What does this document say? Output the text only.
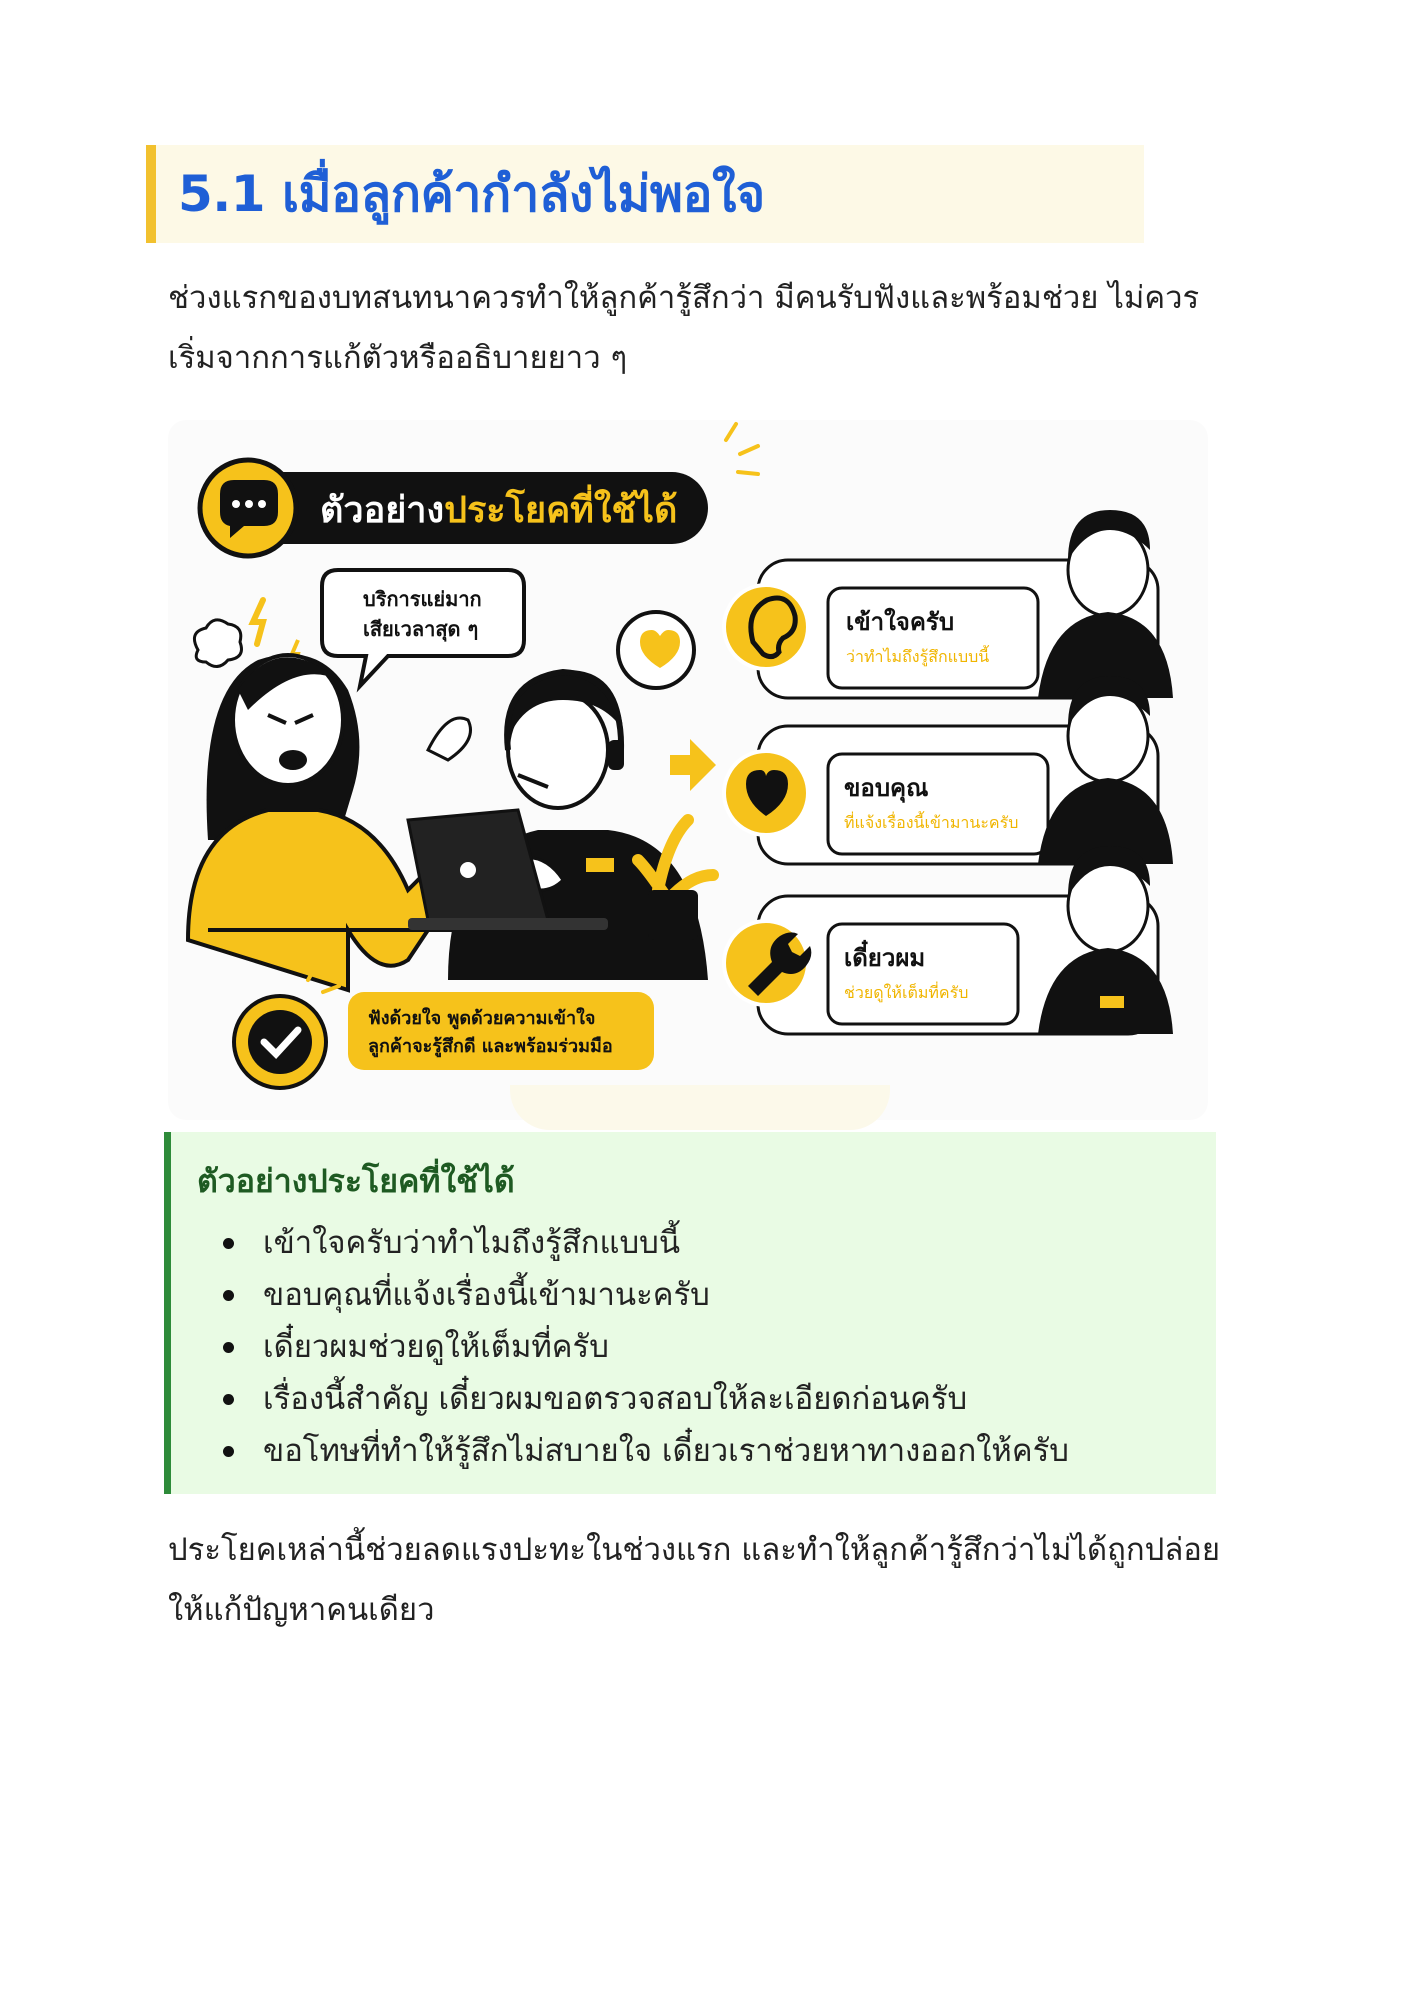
5.1 เมื่อลูกค้ากำลังไม่พอใจ

ช่วงแรกของบทสนทนาควรทำให้ลูกค้ารู้สึกว่า มีคนรับฟังและพร้อมช่วย ไม่ควรเริ่มจากการแก้ตัวหรืออธิบายยาว ๆ

ตัวอย่างประโยคที่ใช้ได้
บริการแย่มาก
เสียเวลาสุด ๆ
ฟังด้วยใจ พูดด้วยความเข้าใจ
ลูกค้าจะรู้สึกดี และพร้อมร่วมมือ
เข้าใจครับ
ว่าทำไมถึงรู้สึกแบบนี้
ขอบคุณ
ที่แจ้งเรื่องนี้เข้ามานะครับ
เดี๋ยวผม
ช่วยดูให้เต็มที่ครับ
ตัวอย่างประโยคที่ใช้ได้
เข้าใจครับว่าทำไมถึงรู้สึกแบบนี้
ขอบคุณที่แจ้งเรื่องนี้เข้ามานะครับ
เดี๋ยวผมช่วยดูให้เต็มที่ครับ
เรื่องนี้สำคัญ เดี๋ยวผมขอตรวจสอบให้ละเอียดก่อนครับ
ขอโทษที่ทำให้รู้สึกไม่สบายใจ เดี๋ยวเราช่วยหาทางออกให้ครับ

ประโยคเหล่านี้ช่วยลดแรงปะทะในช่วงแรก และทำให้ลูกค้ารู้สึกว่าไม่ได้ถูกปล่อยให้แก้ปัญหาคนเดียว
